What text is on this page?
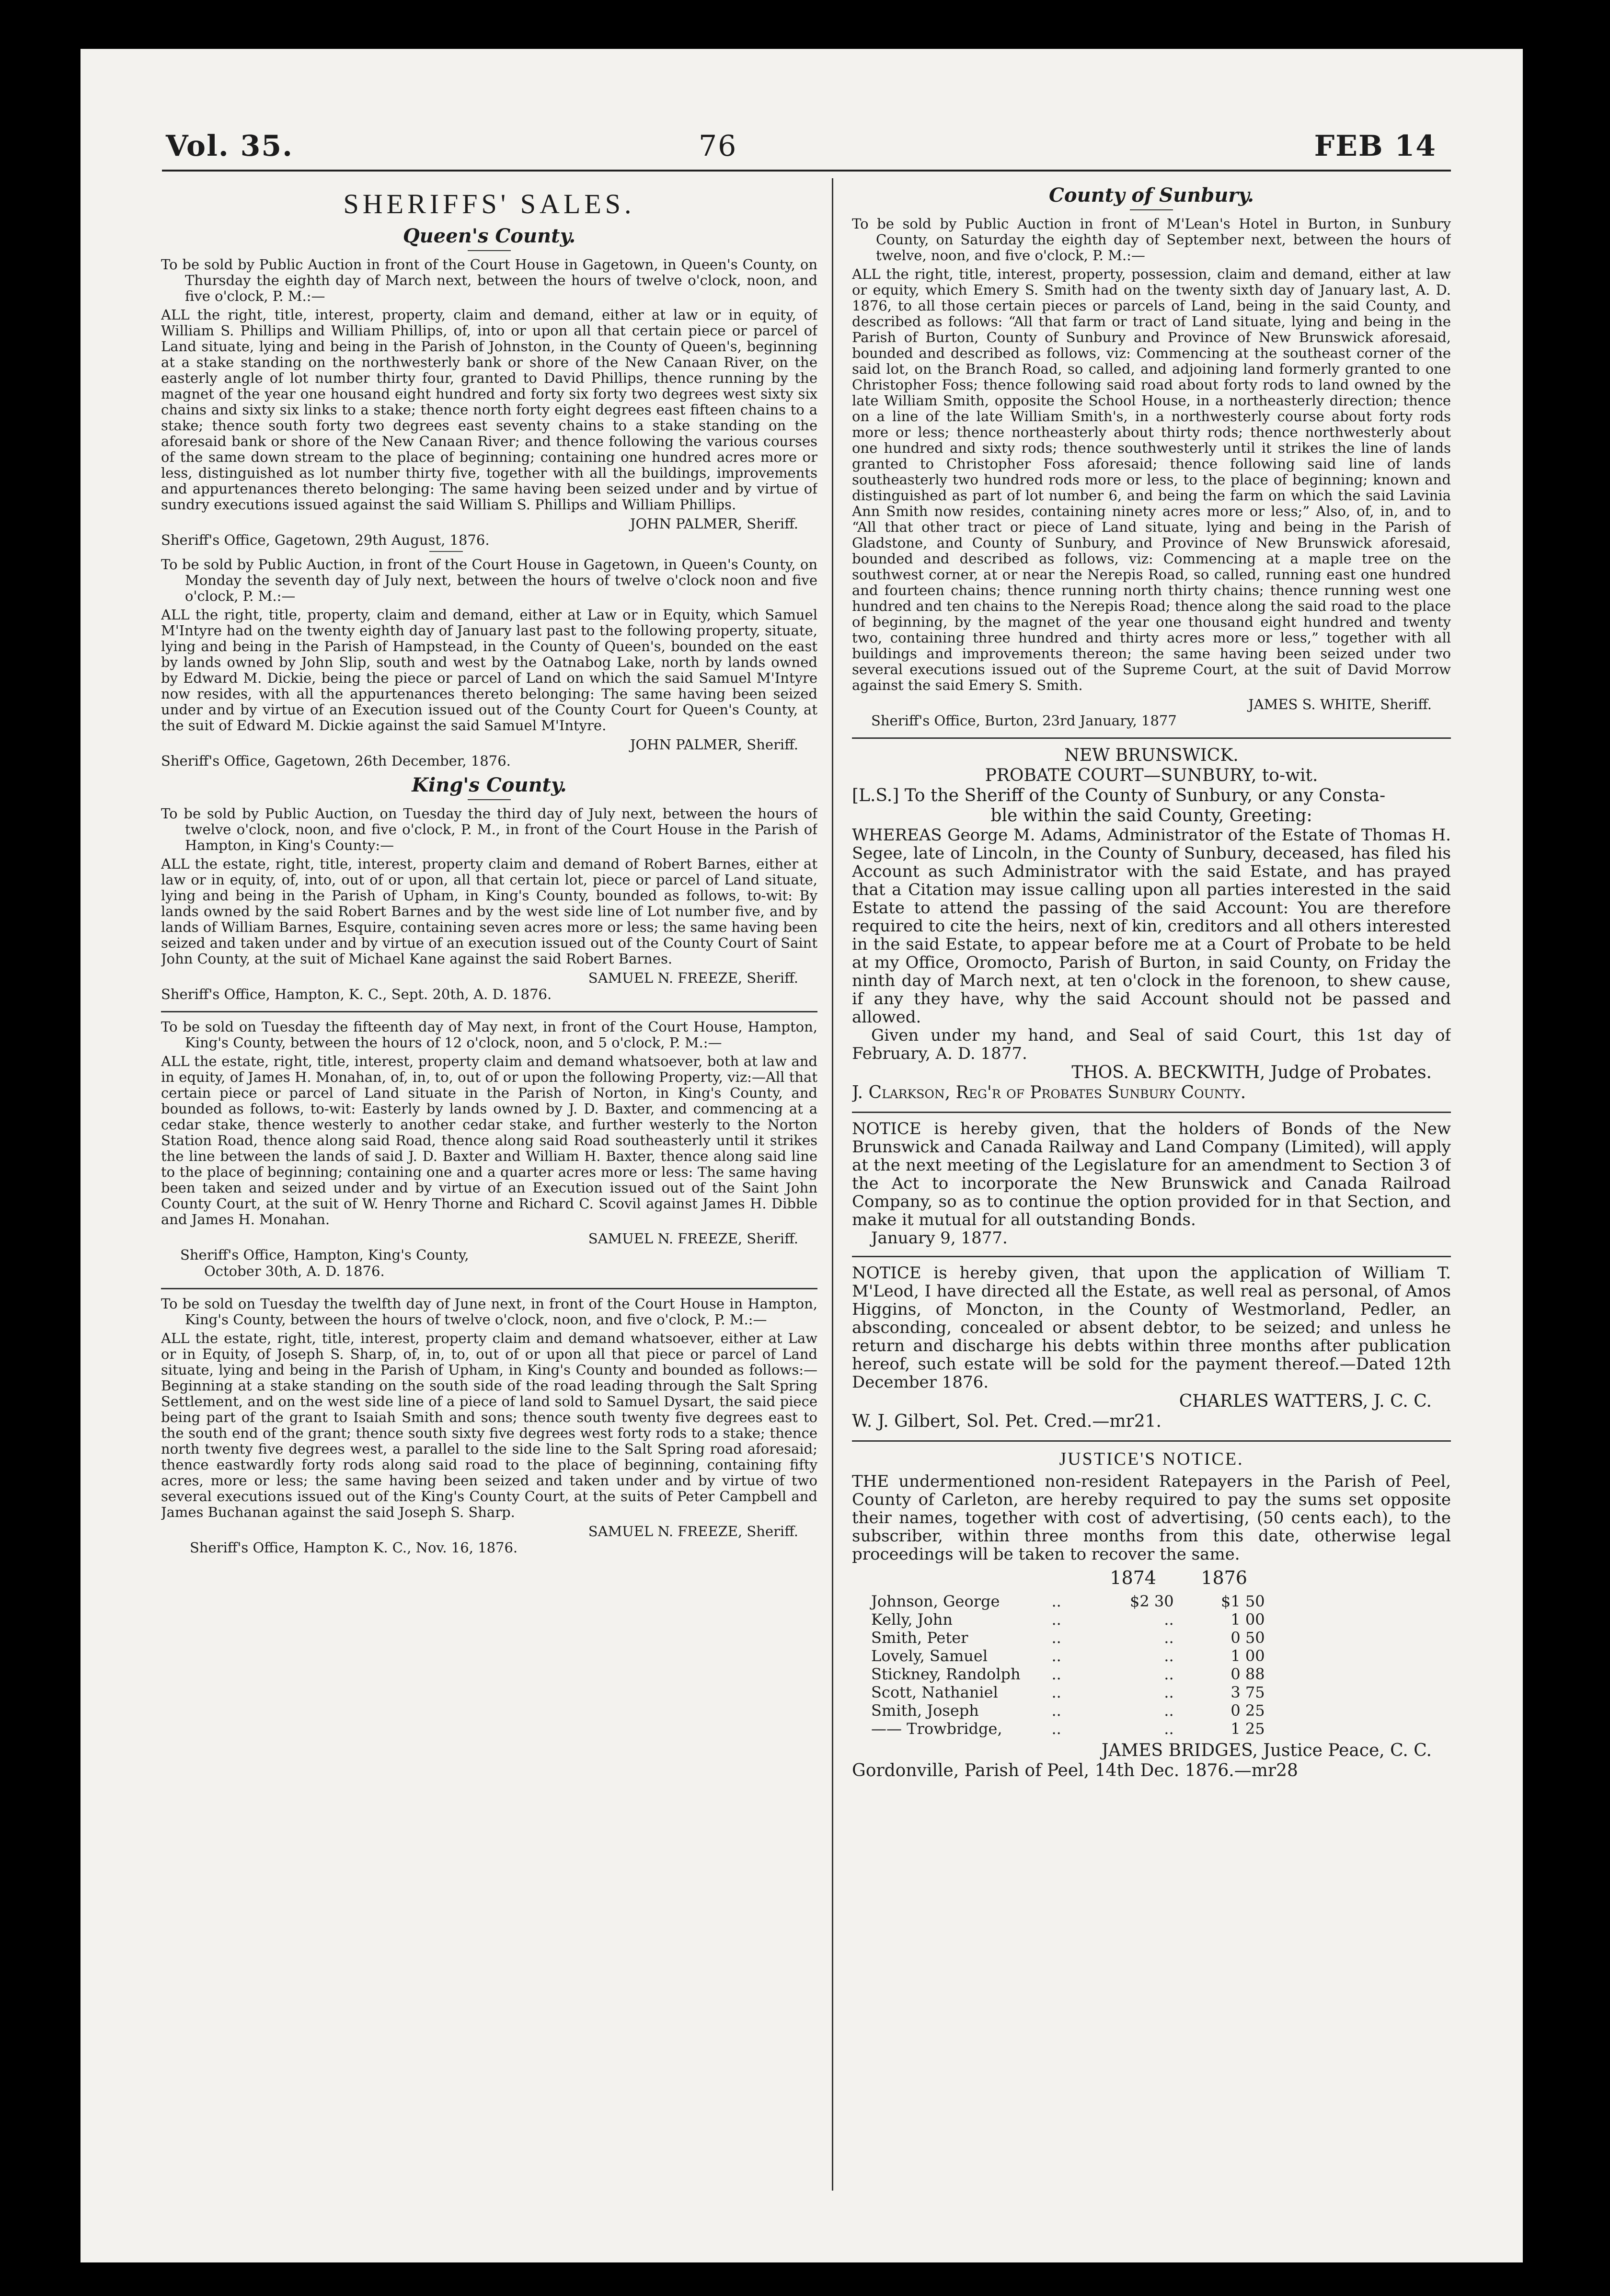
Vol. 35.	76	FEB 14
SHERIFFS' SALES.
Queen's County.

To be sold by Public Auction in front of the Court House in Gagetown, in Queen's County, on Thursday the eighth day of March next, between the hours of twelve o'clock, noon, and five o'clock, P. M.:—

ALL the right, title, interest, property, claim and demand, either at law or in equity, of William S. Phillips and William Phillips, of, into or upon all that certain piece or parcel of Land situate, lying and being in the Parish of Johnston, in the County of Queen's, beginning at a stake standing on the northwesterly bank or shore of the New Canaan River, on the easterly angle of lot number thirty four, granted to David Phillips, thence running by the magnet of the year one housand eight hundred and forty six forty two degrees west sixty six chains and sixty six links to a stake; thence north forty eight degrees east fifteen chains to a stake; thence south forty two degrees east seventy chains to a stake standing on the aforesaid bank or shore of the New Canaan River; and thence following the various courses of the same down stream to the place of beginning; containing one hundred acres more or less, distinguished as lot number thirty five, together with all the buildings, improvements and appurtenances thereto belonging: The same having been seized under and by virtue of sundry executions issued against the said William S. Phillips and William Phillips.

JOHN PALMER, Sheriff.

Sheriff's Office, Gagetown, 29th August, 1876.

To be sold by Public Auction, in front of the Court House in Gagetown, in Queen's County, on Monday the seventh day of July next, between the hours of twelve o'clock noon and five o'clock, P. M.:—

ALL the right, title, property, claim and demand, either at Law or in Equity, which Samuel M'Intyre had on the twenty eighth day of January last past to the following property, situate, lying and being in the Parish of Hampstead, in the County of Queen's, bounded on the east by lands owned by John Slip, south and west by the Oatnabog Lake, north by lands owned by Edward M. Dickie, being the piece or parcel of Land on which the said Samuel M'Intyre now resides, with all the appurtenances thereto belonging: The same having been seized under and by virtue of an Execution issued out of the County Court for Queen's County, at the suit of Edward M. Dickie against the said Samuel M'Intyre.

JOHN PALMER, Sheriff.

Sheriff's Office, Gagetown, 26th December, 1876.

King's County.

To be sold by Public Auction, on Tuesday the third day of July next, between the hours of twelve o'clock, noon, and five o'clock, P. M., in front of the Court House in the Parish of Hampton, in King's County:—

ALL the estate, right, title, interest, property claim and demand of Robert Barnes, either at law or in equity, of, into, out of or upon, all that certain lot, piece or parcel of Land situate, lying and being in the Parish of Upham, in King's County, bounded as follows, to-wit: By lands owned by the said Robert Barnes and by the west side line of Lot number five, and by lands of William Barnes, Esquire, containing seven acres more or less; the same having been seized and taken under and by virtue of an execution issued out of the County Court of Saint John County, at the suit of Michael Kane against the said Robert Barnes.

SAMUEL N. FREEZE, Sheriff.

Sheriff's Office, Hampton, K. C., Sept. 20th, A. D. 1876.

To be sold on Tuesday the fifteenth day of May next, in front of the Court House, Hampton, King's County, between the hours of 12 o'clock, noon, and 5 o'clock, P. M.:—

ALL the estate, right, title, interest, property claim and demand whatsoever, both at law and in equity, of James H. Monahan, of, in, to, out of or upon the following Property, viz:—All that certain piece or parcel of Land situate in the Parish of Norton, in King's County, and bounded as follows, to-wit: Easterly by lands owned by J. D. Baxter, and commencing at a cedar stake, thence westerly to another cedar stake, and further westerly to the Norton Station Road, thence along said Road, thence along said Road southeasterly until it strikes the line between the lands of said J. D. Baxter and William H. Baxter, thence along said line to the place of beginning; containing one and a quarter acres more or less: The same having been taken and seized under and by virtue of an Execution issued out of the Saint John County Court, at the suit of W. Henry Thorne and Richard C. Scovil against James H. Dibble and James H. Monahan.

SAMUEL N. FREEZE, Sheriff.

Sheriff's Office, Hampton, King's County,

October 30th, A. D. 1876.

To be sold on Tuesday the twelfth day of June next, in front of the Court House in Hampton, King's County, between the hours of twelve o'clock, noon, and five o'clock, P. M.:—

ALL the estate, right, title, interest, property claim and demand whatsoever, either at Law or in Equity, of Joseph S. Sharp, of, in, to, out of or upon all that piece or parcel of Land situate, lying and being in the Parish of Upham, in King's County and bounded as follows:—Beginning at a stake standing on the south side of the road leading through the Salt Spring Settlement, and on the west side line of a piece of land sold to Samuel Dysart, the said piece being part of the grant to Isaiah Smith and sons; thence south twenty five degrees east to the south end of the grant; thence south sixty five degrees west forty rods to a stake; thence north twenty five degrees west, a parallel to the side line to the Salt Spring road aforesaid; thence eastwardly forty rods along said road to the place of beginning, containing fifty acres, more or less; the same having been seized and taken under and by virtue of two several executions issued out of the King's County Court, at the suits of Peter Campbell and James Buchanan against the said Joseph S. Sharp.

SAMUEL N. FREEZE, Sheriff.

Sheriff's Office, Hampton K. C., Nov. 16, 1876.

County of Sunbury.

To be sold by Public Auction in front of M'Lean's Hotel in Burton, in Sunbury County, on Saturday the eighth day of September next, between the hours of twelve, noon, and five o'clock, P. M.:—

ALL the right, title, interest, property, possession, claim and demand, either at law or equity, which Emery S. Smith had on the twenty sixth day of January last, A. D. 1876, to all those certain pieces or parcels of Land, being in the said County, and described as follows: “All that farm or tract of Land situate, lying and being in the Parish of Burton, County of Sunbury and Province of New Brunswick aforesaid, bounded and described as follows, viz: Commencing at the southeast corner of the said lot, on the Branch Road, so called, and adjoining land formerly granted to one Christopher Foss; thence following said road about forty rods to land owned by the late William Smith, opposite the School House, in a northeasterly direction; thence on a line of the late William Smith's, in a northwesterly course about forty rods more or less; thence northeasterly about thirty rods; thence northwesterly about one hundred and sixty rods; thence southwesterly until it strikes the line of lands granted to Christopher Foss aforesaid; thence following said line of lands southeasterly two hundred rods more or less, to the place of beginning; known and distinguished as part of lot number 6, and being the farm on which the said Lavinia Ann Smith now resides, containing ninety acres more or less;” Also, of, in, and to “All that other tract or piece of Land situate, lying and being in the Parish of Gladstone, and County of Sunbury, and Province of New Brunswick aforesaid, bounded and described as follows, viz: Commencing at a maple tree on the southwest corner, at or near the Nerepis Road, so called, running east one hundred and fourteen chains; thence running north thirty chains; thence running west one hundred and ten chains to the Nerepis Road; thence along the said road to the place of beginning, by the magnet of the year one thousand eight hundred and twenty two, containing three hundred and thirty acres more or less,” together with all buildings and improvements thereon; the same having been seized under two several executions issued out of the Supreme Court, at the suit of David Morrow against the said Emery S. Smith.

JAMES S. WHITE, Sheriff.

Sheriff's Office, Burton, 23rd January, 1877

NEW BRUNSWICK.

PROBATE COURT—SUNBURY, to-wit.

[L.S.] To the Sheriff of the County of Sunbury, or any Consta-

ble within the said County, Greeting:

WHEREAS George M. Adams, Administrator of the Estate of Thomas H. Segee, late of Lincoln, in the County of Sunbury, deceased, has filed his Account as such Administrator with the said Estate, and has prayed that a Citation may issue calling upon all parties interested in the said Estate to attend the passing of the said Account: You are therefore required to cite the heirs, next of kin, creditors and all others interested in the said Estate, to appear before me at a Court of Probate to be held at my Office, Oromocto, Parish of Burton, in said County, on Friday the ninth day of March next, at ten o'clock in the forenoon, to shew cause, if any they have, why the said Account should not be passed and allowed.

Given under my hand, and Seal of said Court, this 1st day of February, A. D. 1877.

THOS. A. BECKWITH, Judge of Probates.

J. Clarkson, Reg'r of Probates Sunbury County.

NOTICE is hereby given, that the holders of Bonds of the New Brunswick and Canada Railway and Land Company (Limited), will apply at the next meeting of the Legislature for an amendment to Section 3 of the Act to incorporate the New Brunswick and Canada Railroad Company, so as to continue the option provided for in that Section, and make it mutual for all outstanding Bonds.

January 9, 1877.

NOTICE is hereby given, that upon the application of William T. M'Leod, I have directed all the Estate, as well real as personal, of Amos Higgins, of Moncton, in the County of Westmorland, Pedler, an absconding, concealed or absent debtor, to be seized; and unless he return and discharge his debts within three months after publication hereof, such estate will be sold for the payment thereof.—Dated 12th December 1876.

CHARLES WATTERS, J. C. C.

W. J. Gilbert, Sol. Pet. Cred.—mr21.

JUSTICE'S NOTICE.

THE undermentioned non-resident Ratepayers in the Parish of Peel, County of Carleton, are hereby required to pay the sums set opposite their names, together with cost of advertising, (50 cents each), to the subscriber, within three months from this date, otherwise legal proceedings will be taken to recover the same.

		1874	1876
Johnson, George	..	$2 30	$1 50
Kelly, John	..	..	1 00
Smith, Peter	..	..	0 50
Lovely, Samuel	..	..	1 00
Stickney, Randolph	..	..	0 88
Scott, Nathaniel	..	..	3 75
Smith, Joseph	..	..	0 25
—— Trowbridge,	..	..	1 25

JAMES BRIDGES, Justice Peace, C. C.

Gordonville, Parish of Peel, 14th Dec. 1876.—mr28
